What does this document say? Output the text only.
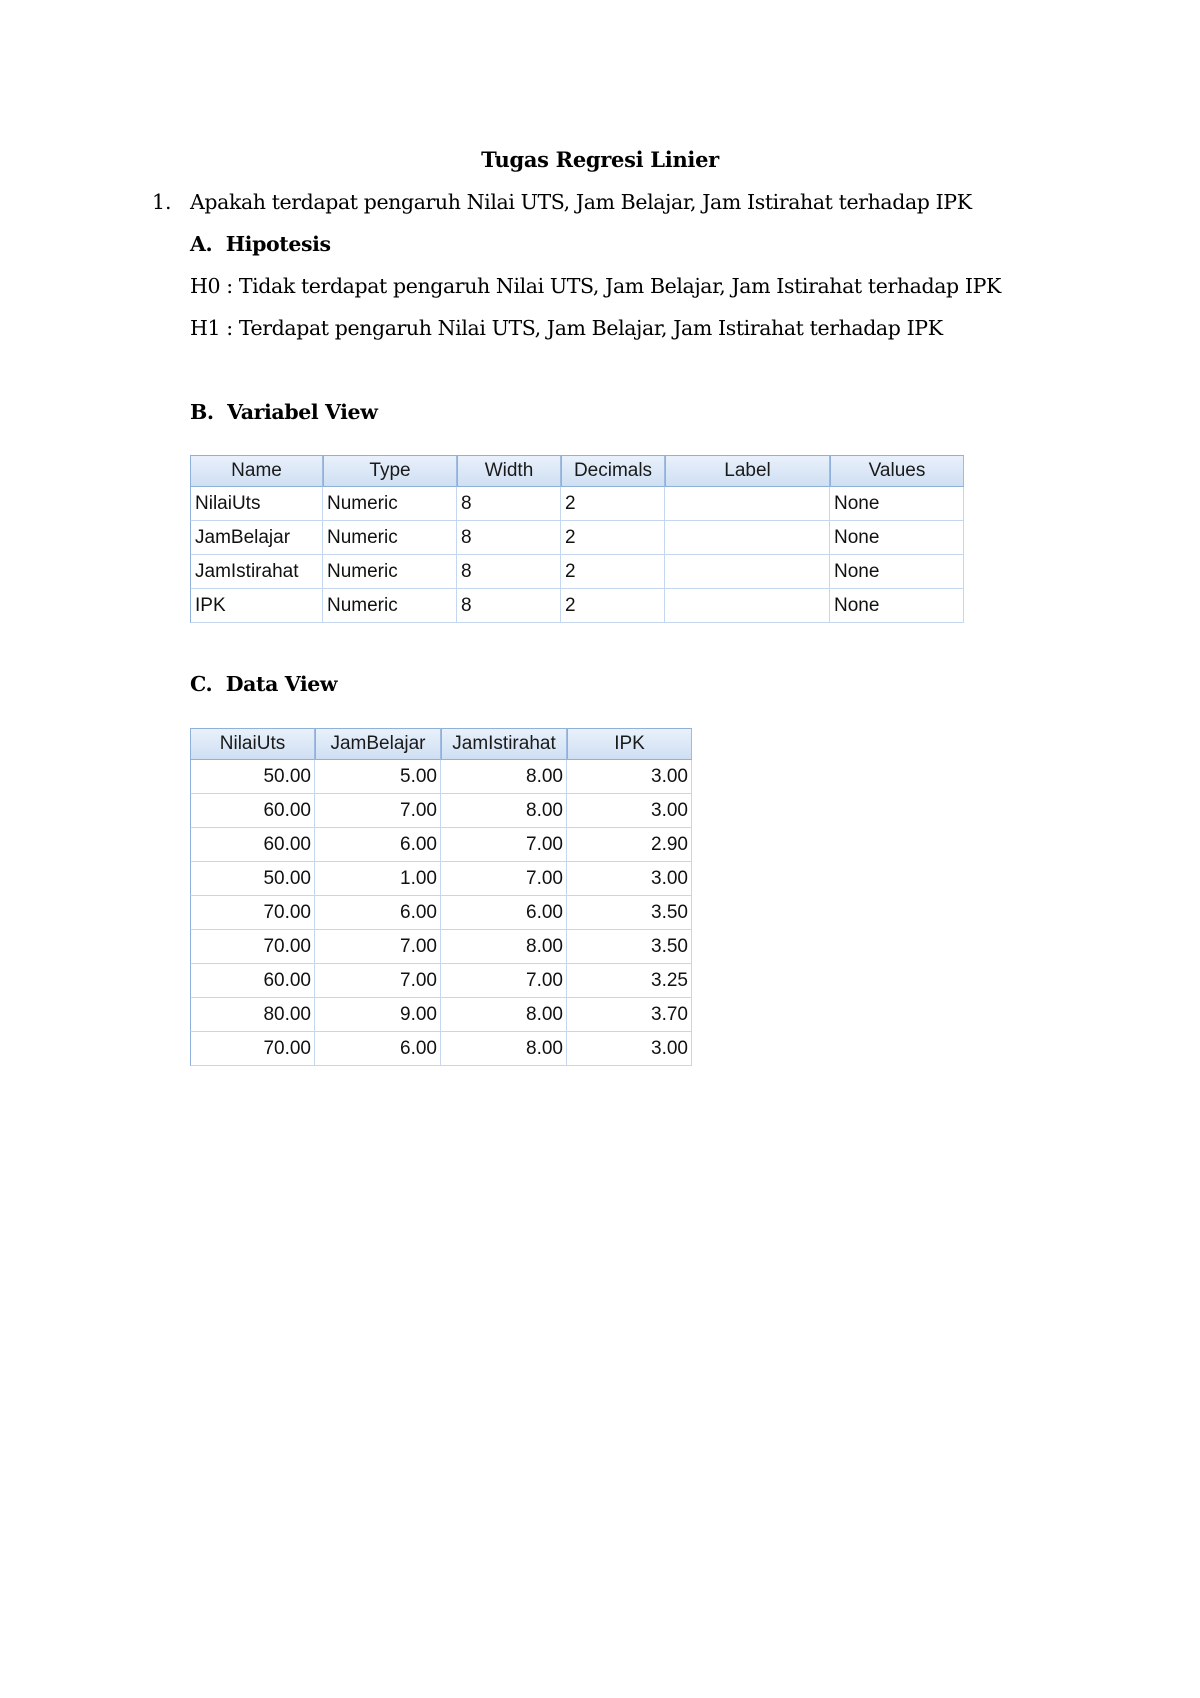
Tugas Regresi Linier
1. Apakah terdapat pengaruh Nilai UTS, Jam Belajar, Jam Istirahat terhadap IPK
A.  Hipotesis
H0 : Tidak terdapat pengaruh Nilai UTS, Jam Belajar, Jam Istirahat terhadap IPK
H1 : Terdapat pengaruh Nilai UTS, Jam Belajar, Jam Istirahat terhadap IPK
B.  Variabel View
Name	Type	Width	Decimals	Label	Values
NilaiUts	Numeric	8	2		None
JamBelajar	Numeric	8	2		None
JamIstirahat	Numeric	8	2		None
IPK	Numeric	8	2		None
C.  Data View
NilaiUts	JamBelajar	JamIstirahat	IPK
50.00	5.00	8.00	3.00
60.00	7.00	8.00	3.00
60.00	6.00	7.00	2.90
50.00	1.00	7.00	3.00
70.00	6.00	6.00	3.50
70.00	7.00	8.00	3.50
60.00	7.00	7.00	3.25
80.00	9.00	8.00	3.70
70.00	6.00	8.00	3.00
